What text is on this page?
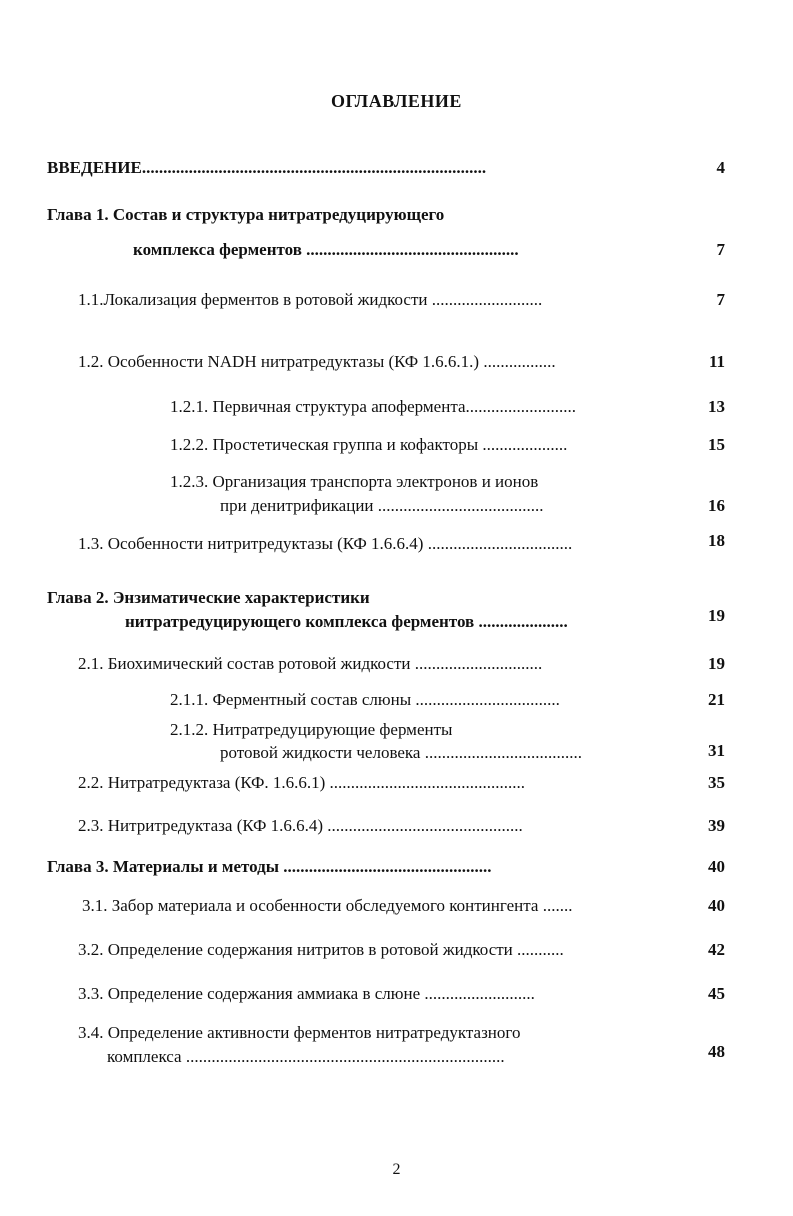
ОГЛАВЛЕНИЕ
ВВЕДЕНИЕ.................................................................................	4
Глава 1. Состав и структура нитратредуцирующего
комплекса ферментов ..................................................	7
1.1.Локализация ферментов в ротовой жидкости ..........................	7
1.2. Особенности NADH нитратредуктазы (КФ 1.6.6.1.) .................	11
1.2.1. Первичная структура апофермента..........................	13
1.2.2. Простетическая группа и кофакторы ....................	15
1.2.3. Организация транспорта электронов и ионов
при денитрификации .......................................	16
1.3. Особенности нитритредуктазы (КФ 1.6.6.4) ..................................	18
Глава 2. Энзиматические характеристики
нитратредуцирующего комплекса ферментов .....................	19
2.1. Биохимический состав ротовой жидкости ..............................	19
2.1.1. Ферментный состав слюны ..................................	21
2.1.2. Нитратредуцирующие ферменты
ротовой жидкости человека .....................................	31
2.2. Нитратредуктаза (КФ. 1.6.6.1) ..............................................	35
2.3. Нитритредуктаза (КФ 1.6.6.4) ..............................................	39
Глава 3. Материалы и методы .................................................	40
3.1. Забор материала и особенности обследуемого контингента .......	40
3.2. Определение содержания нитритов в ротовой жидкости ...........	42
3.3. Определение содержания аммиака в слюне ..........................	45
3.4. Определение активности ферментов нитратредуктазного
комплекса ...........................................................................	48
2
